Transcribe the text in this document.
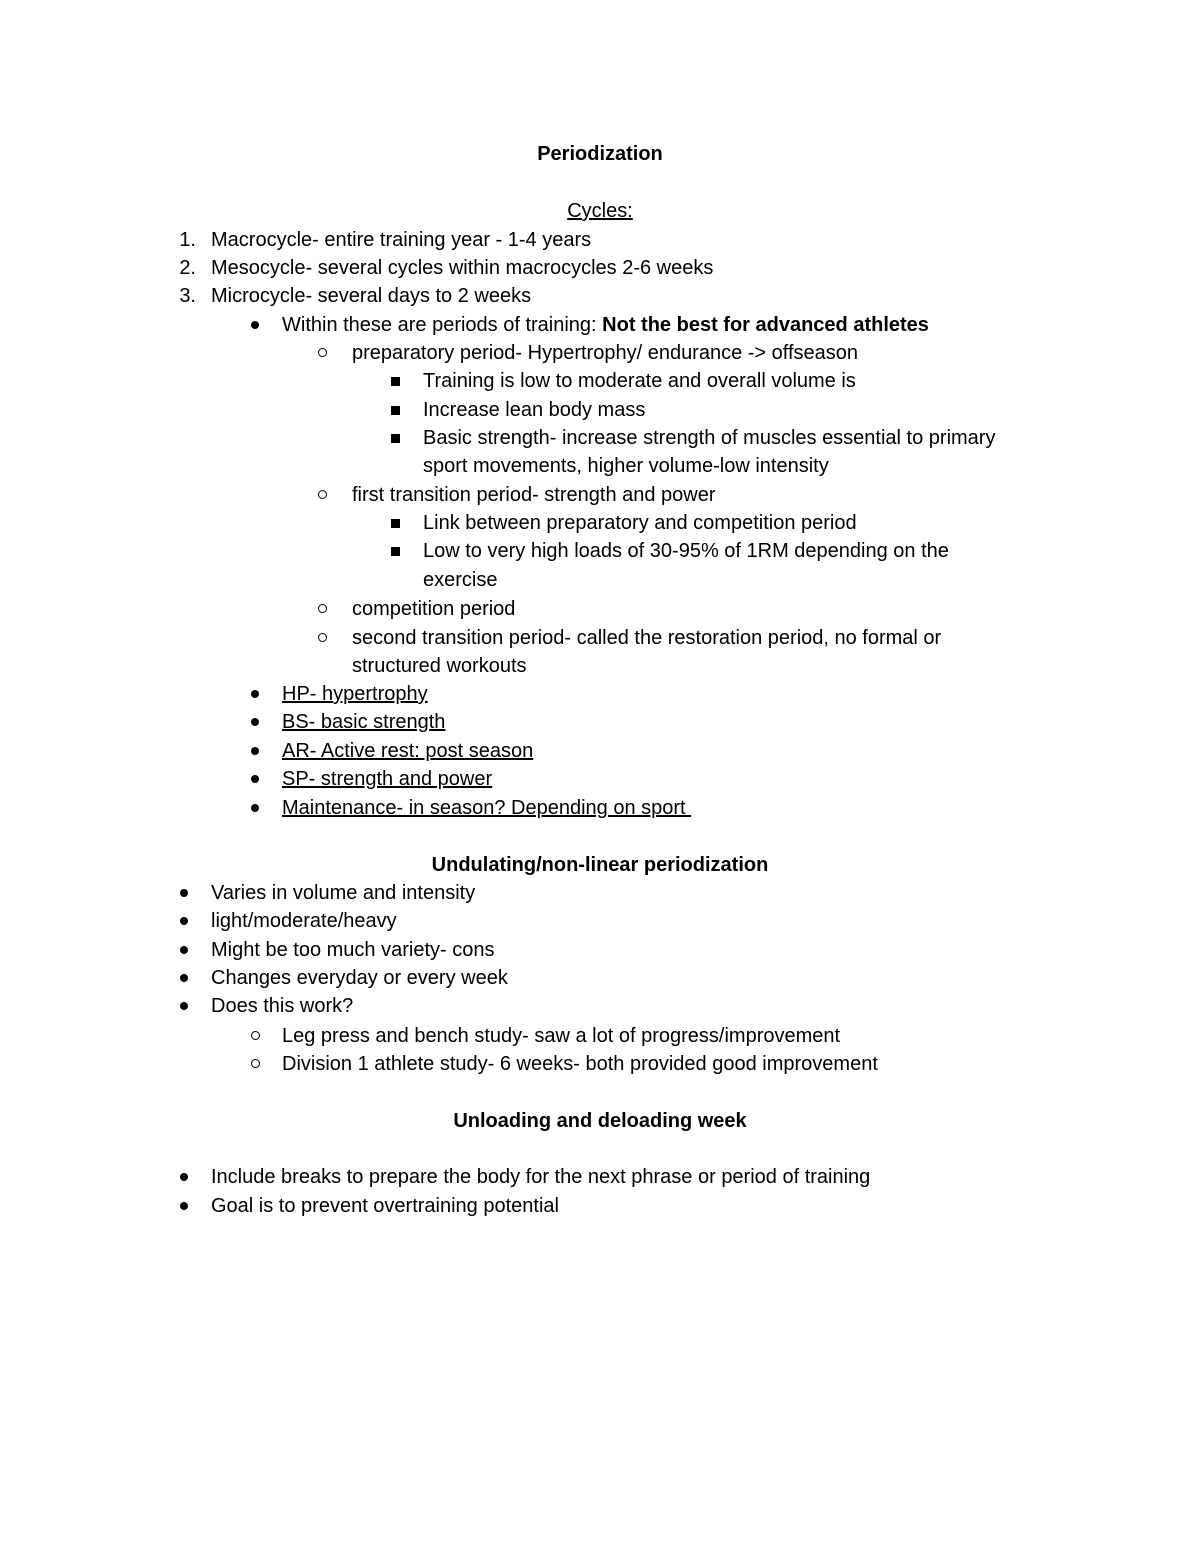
Periodization
Cycles:
1. Macrocycle- entire training year - 1-4 years
2. Mesocycle- several cycles within macrocycles 2-6 weeks
3. Microcycle- several days to 2 weeks
Within these are periods of training: Not the best for advanced athletes
preparatory period- Hypertrophy/ endurance -> offseason
Training is low to moderate and overall volume is
Increase lean body mass
Basic strength- increase strength of muscles essential to primary
sport movements, higher volume-low intensity
first transition period- strength and power
Link between preparatory and competition period
Low to very high loads of 30-95% of 1RM depending on the
exercise
competition period
second transition period- called the restoration period, no formal or
structured workouts
HP- hypertrophy
BS- basic strength
AR- Active rest: post season
SP- strength and power
Maintenance- in season? Depending on sport
Undulating/non-linear periodization
Varies in volume and intensity
light/moderate/heavy
Might be too much variety- cons
Changes everyday or every week
Does this work?
Leg press and bench study- saw a lot of progress/improvement
Division 1 athlete study- 6 weeks- both provided good improvement
Unloading and deloading week
Include breaks to prepare the body for the next phrase or period of training
Goal is to prevent overtraining potential
